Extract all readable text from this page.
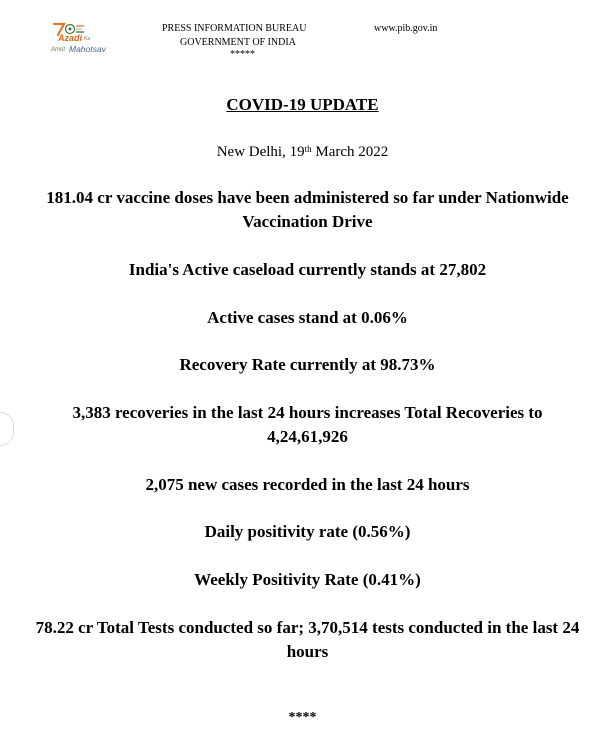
Azadi Ka
Amrit Mahotsav
PRESS INFORMATION BUREAU	www.pib.gov.in
GOVERNMENT OF INDIA
*****
COVID-19 UPDATE
New Delhi, 19th March 2022
181.04 cr vaccine doses have been administered so far under Nationwide Vaccination Drive
India's Active caseload currently stands at 27,802
Active cases stand at 0.06%
Recovery Rate currently at 98.73%
3,383 recoveries in the last 24 hours increases Total Recoveries to 4,24,61,926
2,075 new cases recorded in the last 24 hours
Daily positivity rate (0.56%)
Weekly Positivity Rate (0.41%)
78.22 cr Total Tests conducted so far; 3,70,514 tests conducted in the last 24 hours
****
